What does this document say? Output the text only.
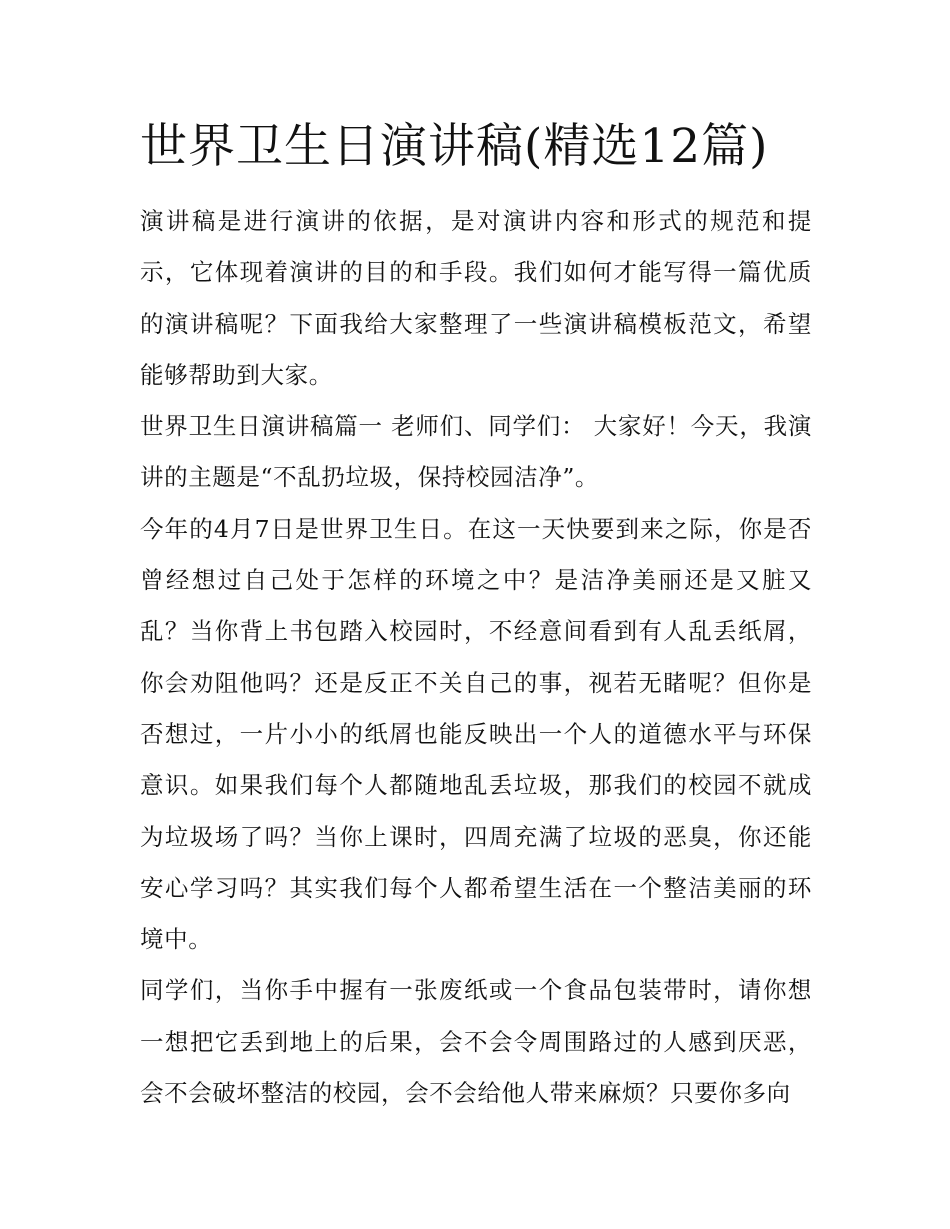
世界卫生日演讲稿(精选12篇)

演讲稿是进行演讲的依据，是对演讲内容和形式的规范和提示，它体现着演讲的目的和手段。我们如何才能写得一篇优质的演讲稿呢？下面我给大家整理了一些演讲稿模板范文，希望能够帮助到大家。

世界卫生日演讲稿篇一 老师们、同学们： 大家好！今天，我演讲的主题是“不乱扔垃圾，保持校园洁净”。

今年的4月7日是世界卫生日。在这一天快要到来之际，你是否曾经想过自己处于怎样的环境之中？是洁净美丽还是又脏又乱？当你背上书包踏入校园时，不经意间看到有人乱丢纸屑，你会劝阻他吗？还是反正不关自己的事，视若无睹呢？但你是否想过，一片小小的纸屑也能反映出一个人的道德水平与环保意识。如果我们每个人都随地乱丢垃圾，那我们的校园不就成为垃圾场了吗？当你上课时，四周充满了垃圾的恶臭，你还能安心学习吗？其实我们每个人都希望生活在一个整洁美丽的环境中。

同学们，当你手中握有一张废纸或一个食品包装带时，请你想一想把它丢到地上的后果，会不会令周围路过的人感到厌恶，会不会破坏整洁的校园，会不会给他人带来麻烦？只要你多向
